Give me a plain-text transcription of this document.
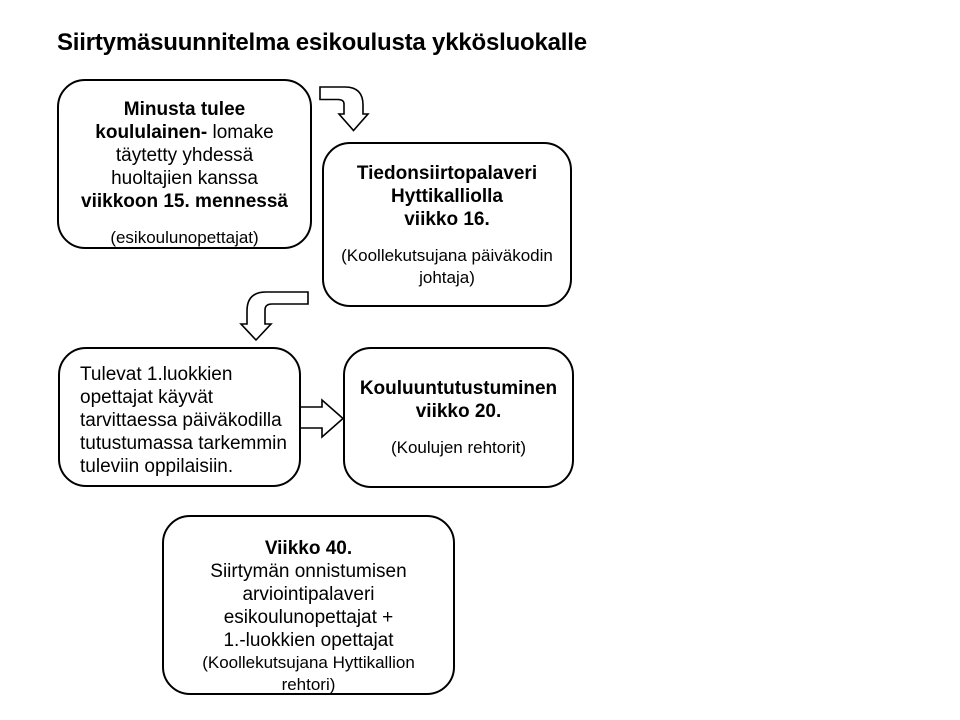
Siirtymäsuunnitelma esikoulusta ykkösluokalle
Minusta tulee
koululainen- lomake
täytetty yhdessä
huoltajien kanssa
viikkoon 15. mennessä
(esikoulunopettajat)
Tiedonsiirtopalaveri
Hyttikalliolla
viikko 16.
(Koollekutsujana päiväkodin
johtaja)
Tulevat 1.luokkien
opettajat käyvät
tarvittaessa päiväkodilla
tutustumassa tarkemmin
tuleviin oppilaisiin.
Kouluuntutustuminen
viikko 20.
(Koulujen rehtorit)
Viikko 40.
Siirtymän onnistumisen
arviointipalaveri
esikoulunopettajat +
1.-luokkien opettajat
(Koollekutsujana Hyttikallion
rehtori)
